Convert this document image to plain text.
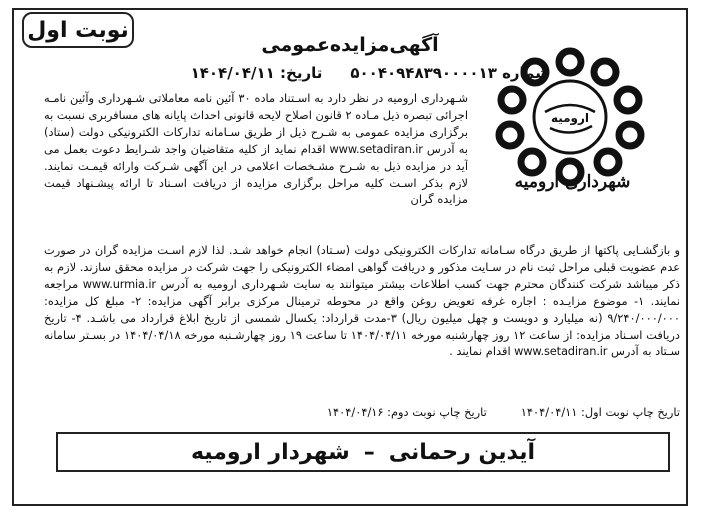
نوبت اول
آگهی‌مزایده‌عمومی
شماره ۵۰۰۴۰۹۴۸۳۹۰۰۰۰۱۳
تاریخ: ۱۴۰۴/۰۴/۱۱
ارومیه
شهرداری ارومیه
شـهرداری ارومیه در نظر دارد به اسـتناد ماده ۳۰ آئین نامه معاملاتی شـهرداری وآئین نامـه اجرائی تبصره ذیل مـاده ۲ قانون اصلاح لایحه قانونی احداث پایانه های مسافربری نسبت به برگزاری مزایده عمومی به شـرح ذیل از طریق سـامانه تدارکات الکترونیکی دولت (ستاد) به آدرس www.setadiran.ir اقدام نماید از کلیه متقاضیان واجد شـرایط دعوت بعمل می آید در مزایده ذیل به شـرح مشـخصات اعلامی در این آگهی شـرکت وارائه قیمـت نمایند. لازم بذکر اسـت کلیه مراحل برگزاری مزایده از دریافت اسـناد تا ارائه پیشـنهاد قیمت مزایده گران
و بازگشـایی پاکتها از طریق درگاه سـامانه تدارکات الکترونیکی دولت (سـتاد) انجام خواهد شـد. لذا لازم اسـت مزایده گران در صورت عدم عضویت قبلی مراحل ثبت نام در سـایت مذکور و دریافت گواهی امضاء الکترونیکی را جهت شرکت در مزایده محقق سازند. لازم به ذکر میباشد شرکت کنندگان محترم جهت کسب اطلاعات بیشتر میتوانند به سایت شـهرداری ارومیه به آدرس www.urmia.ir مراجعه نمایند. ۱- موضوع مزایـده : اجاره غرفه تعویض روغن واقع در محوطه ترمینال مرکزی برابر آگهی مزایده: ۲- مبلغ کل مزایده: ۹/۲۴۰/۰۰۰/۰۰۰ (نه میلیارد و دویست و چهل میلیون ریال) ۳-مدت قرارداد: یکسال شمسی از تاریخ ابلاغ قرارداد می باشـد. ۴- تاریخ دریافت اسـناد مزایده: از ساعت ۱۲ روز چهارشنبه مورخه ۱۴۰۴/۰۴/۱۱ تا ساعت ۱۹ روز چهارشـنبه مورخه ۱۴۰۴/۰۴/۱۸ در بسـتر سامانه سـتاد به آدرس www.setadiran.ir اقدام نمایند .
تاریخ چاپ نوبت اول: ۱۴۰۴/۰۴/۱۱
تاریخ چاپ نوبت دوم: ۱۴۰۴/۰۴/۱۶
آیدین رحمانی
–
شهردار ارومیه
